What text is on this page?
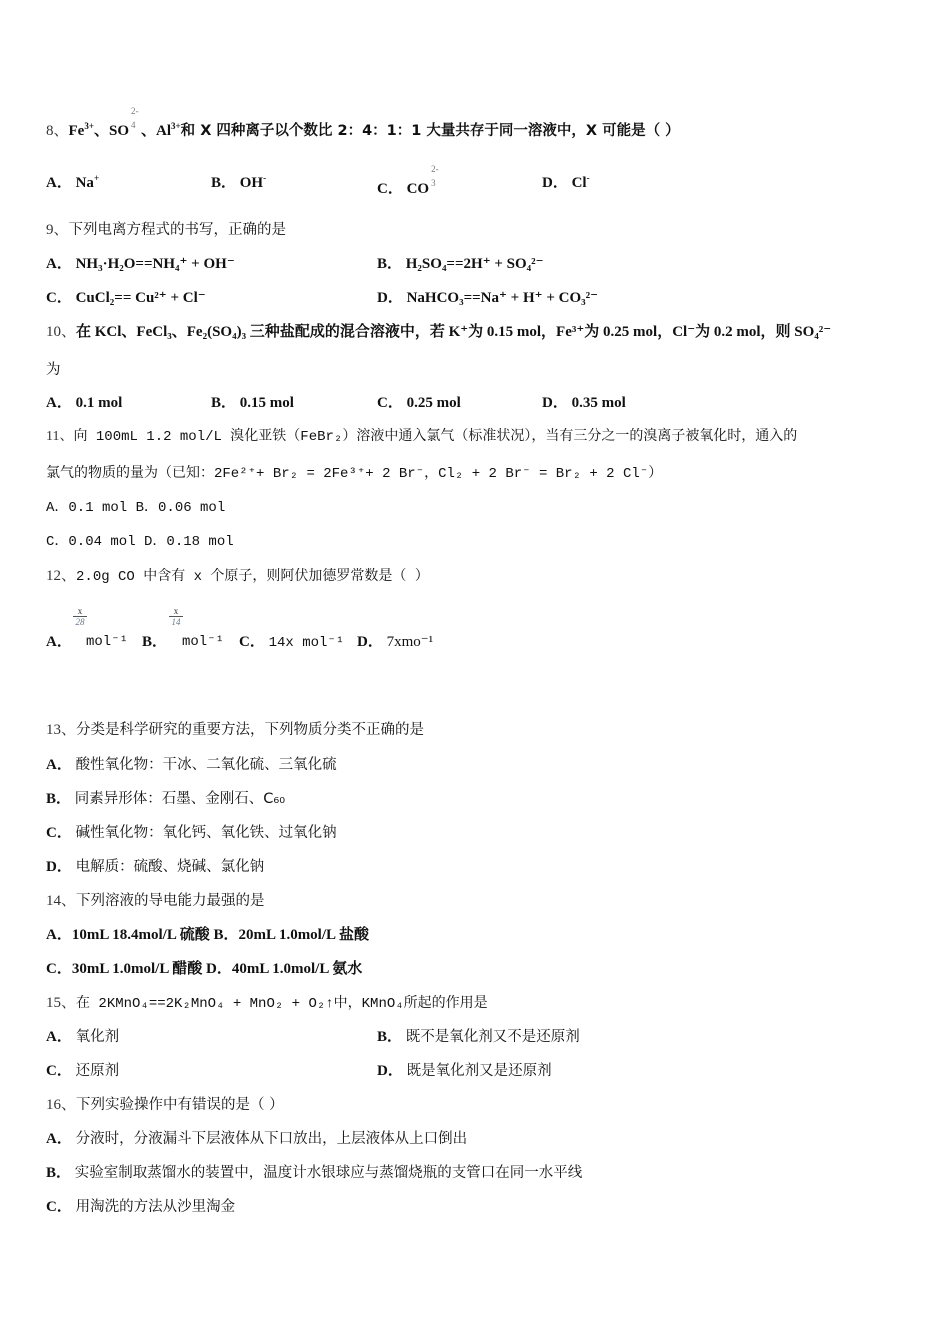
8、$Fe^{3+}$、SO
2-
4 、$Al^{3+}$和 X 四种离子以个数比 2：4：1：1 大量共存于同一溶液中，X 可能是（ ）
A． Na+	B． OH-
C． CO
2-
3	D． Cl-
9、下列电离方程式的书写，正确的是
A． NH₃·H₂O==NH₄⁺ + OH⁻	B． H₂SO₄==2H⁺ + SO₄²⁻
C． CuCl₂== Cu²⁺ + Cl⁻	D． NaHCO₃==Na⁺ + H⁺ + CO₃²⁻
10、在 KCl、FeCl₃、Fe₂(SO₄)₃ 三种盐配成的混合溶液中，若 K⁺为 0.15 mol，Fe³⁺为 0.25 mol，Cl⁻为 0.2 mol，则 SO₄²⁻
为
A． 0.1 mol	B． 0.15 mol	C． 0.25 mol	D． 0.35 mol
11、向 100mL 1.2 mol/L 溴化亚铁（FeBr₂）溶液中通入氯气（标准状况），当有三分之一的溴离子被氧化时，通入的
氯气的物质的量为（已知：2Fe²⁺+ Br₂ = 2Fe³⁺+ 2 Br⁻，Cl₂ + 2 Br⁻ = Br₂ + 2 Cl⁻）
A．0.1 mol B．0.06 mol
C．0.04 mol D．0.18 mol
12、2.0g CO 中含有 x 个原子，则阿伏加德罗常数是（ ）
$\frac{x}{28}$	$\frac{x}{14}$
A． mol⁻¹ B． mol⁻¹ C． 14x mol⁻¹ D． 7xmo⁻¹
13、分类是科学研究的重要方法，下列物质分类不正确的是
A． 酸性氧化物：干冰、二氧化硫、三氧化硫
B． 同素异形体：石墨、金刚石、C₆₀
C． 碱性氧化物：氧化钙、氧化铁、过氧化钠
D． 电解质：硫酸、烧碱、氯化钠
14、下列溶液的导电能力最强的是
A．10mL 18.4mol/L 硫酸 B．20mL 1.0mol/L 盐酸
C．30mL 1.0mol/L 醋酸 D．40mL 1.0mol/L 氨水
15、在 2KMnO₄==2K₂MnO₄ + MnO₂ + O₂↑中，KMnO₄所起的作用是
A． 氧化剂	B． 既不是氧化剂又不是还原剂
C． 还原剂	D． 既是氧化剂又是还原剂
16、下列实验操作中有错误的是（ ）
A． 分液时，分液漏斗下层液体从下口放出，上层液体从上口倒出
B． 实验室制取蒸馏水的装置中，温度计水银球应与蒸馏烧瓶的支管口在同一水平线
C． 用淘洗的方法从沙里淘金
